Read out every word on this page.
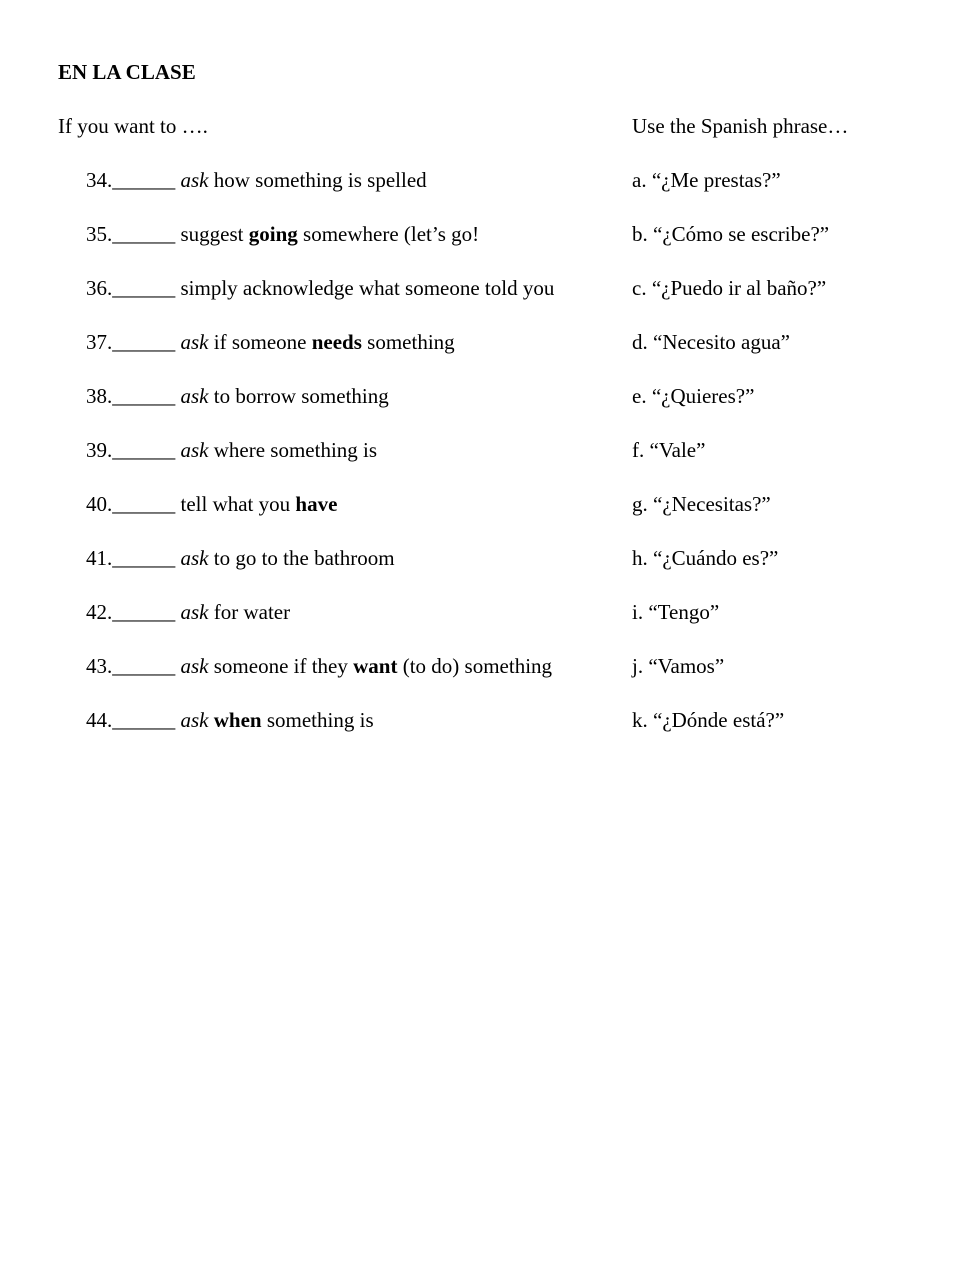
EN LA CLASE
If you want to ….	Use the Spanish phrase…
34.______ ask how something is spelled	a. “¿Me prestas?”
35.______ suggest going somewhere (let’s go!	b. “¿Cómo se escribe?”
36.______ simply acknowledge what someone told you	c. “¿Puedo ir al baño?”
37.______ ask if someone needs something	d. “Necesito agua”
38.______ ask to borrow something	e. “¿Quieres?”
39.______ ask where something is	f. “Vale”
40.______ tell what you have	g. “¿Necesitas?”
41.______ ask to go to the bathroom	h. “¿Cuándo es?”
42.______ ask for water	i. “Tengo”
43.______ ask someone if they want (to do) something	j. “Vamos”
44.______ ask when something is	k. “¿Dónde está?”
